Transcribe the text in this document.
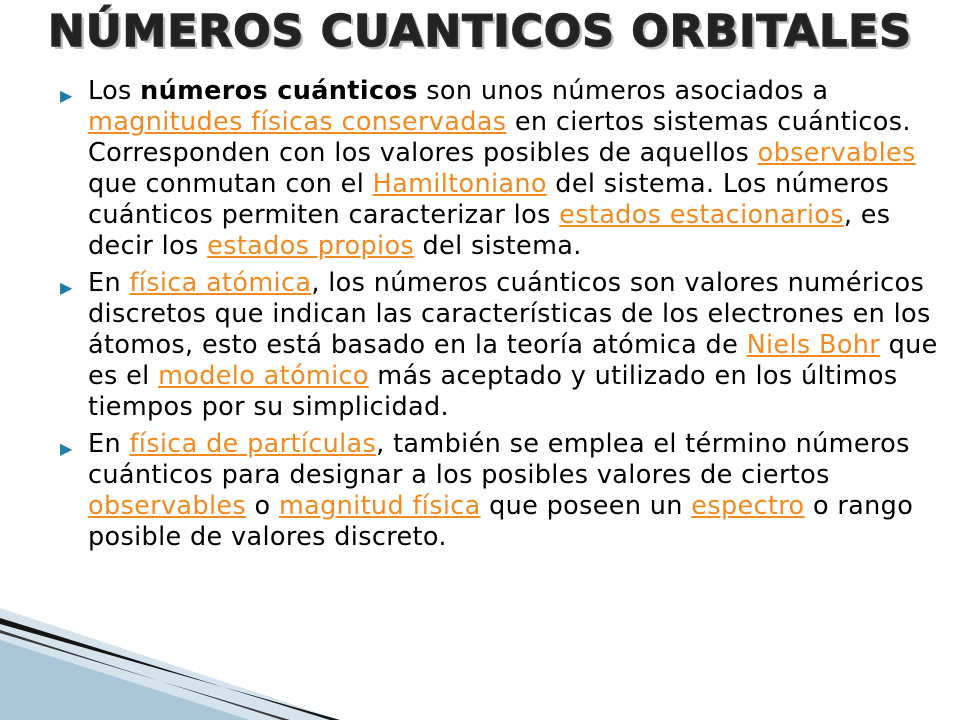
NÚMEROS CUANTICOS ORBITALES
▶ Los números cuánticos son unos números asociados a magnitudes físicas conservadas en ciertos sistemas cuánticos. Corresponden con los valores posibles de aquellos observables que conmutan con el Hamiltoniano del sistema. Los números cuánticos permiten caracterizar los estados estacionarios, es decir los estados propios del sistema.
▶ En física atómica, los números cuánticos son valores numéricos discretos que indican las características de los electrones en los átomos, esto está basado en la teoría atómica de Niels Bohr que es el modelo atómico más aceptado y utilizado en los últimos tiempos por su simplicidad.
▶ En física de partículas, también se emplea el término números cuánticos para designar a los posibles valores de ciertos observables o magnitud física que poseen un espectro o rango posible de valores discreto.
